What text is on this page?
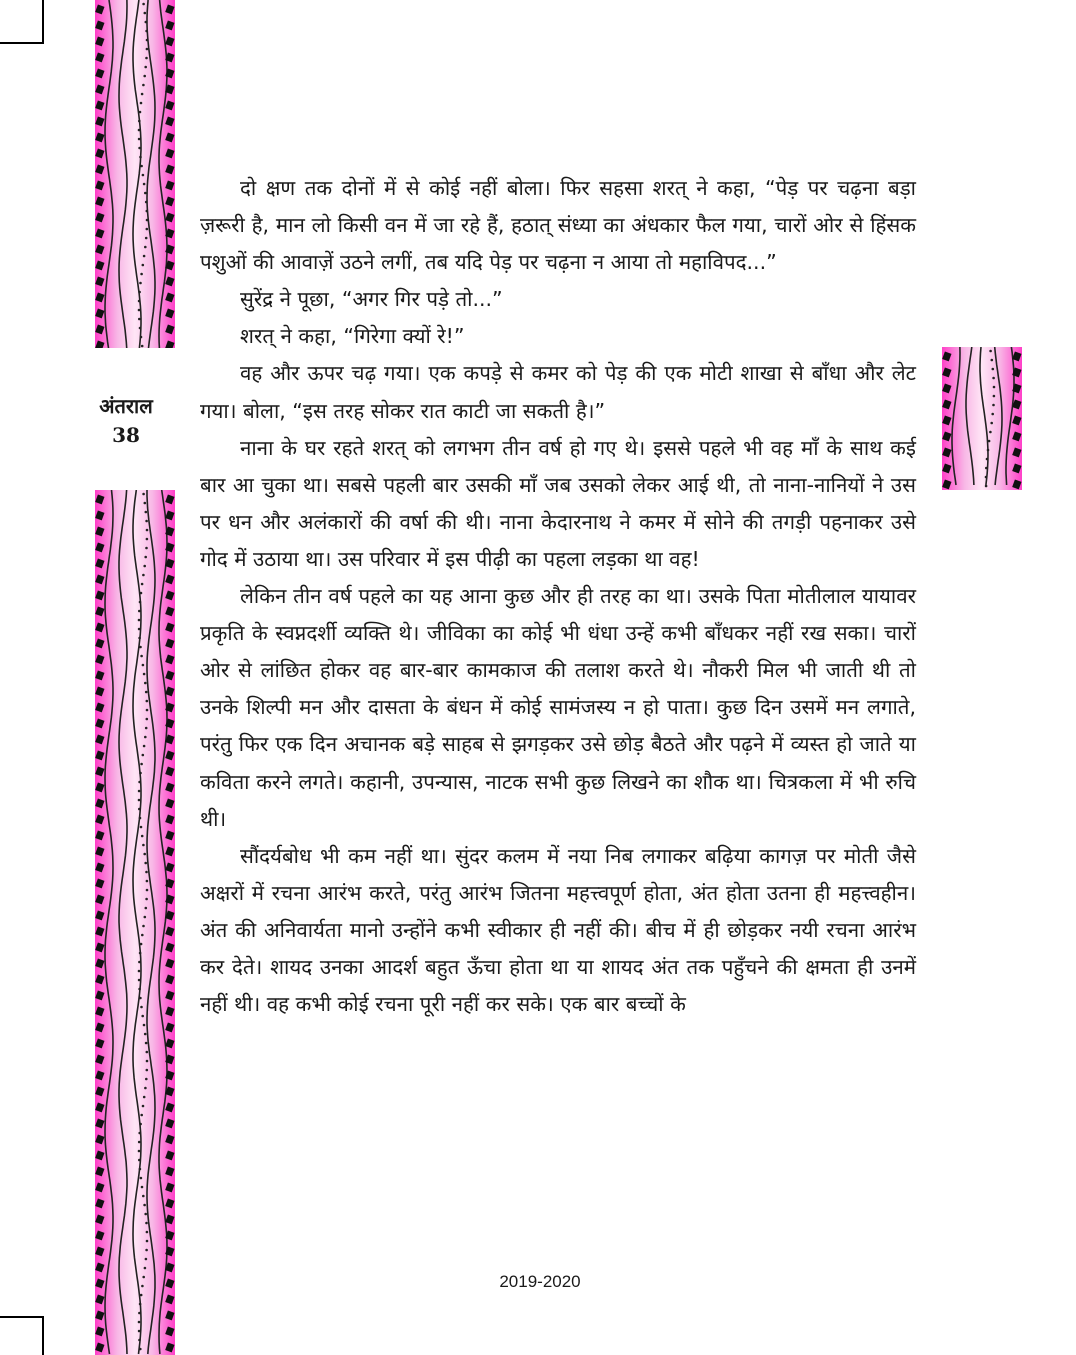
अंतराल
38

दो क्षण तक दोनों में से कोई नहीं बोला। फिर सहसा शरत् ने कहा, “पेड़ पर चढ़ना बड़ा ज़रूरी है, मान लो किसी वन में जा रहे हैं, हठात् संध्या का अंधकार फैल गया, चारों ओर से हिंसक पशुओं की आवाज़ें उठने लगीं, तब यदि पेड़ पर चढ़ना न आया तो महाविपद...”

सुरेंद्र ने पूछा, “अगर गिर पड़े तो...”

शरत् ने कहा, “गिरेगा क्यों रे!”

वह और ऊपर चढ़ गया। एक कपड़े से कमर को पेड़ की एक मोटी शाखा से बाँधा और लेट गया। बोला, “इस तरह सोकर रात काटी जा सकती है।”

नाना के घर रहते शरत् को लगभग तीन वर्ष हो गए थे। इससे पहले भी वह माँ के साथ कई बार आ चुका था। सबसे पहली बार उसकी माँ जब उसको लेकर आई थी, तो नाना-नानियों ने उस पर धन और अलंकारों की वर्षा की थी। नाना केदारनाथ ने कमर में सोने की तगड़ी पहनाकर उसे गोद में उठाया था। उस परिवार में इस पीढ़ी का पहला लड़का था वह!

लेकिन तीन वर्ष पहले का यह आना कुछ और ही तरह का था। उसके पिता मोतीलाल यायावर प्रकृति के स्वप्नदर्शी व्यक्ति थे। जीविका का कोई भी धंधा उन्हें कभी बाँधकर नहीं रख सका। चारों ओर से लांछित होकर वह बार-बार कामकाज की तलाश करते थे। नौकरी मिल भी जाती थी तो उनके शिल्पी मन और दासता के बंधन में कोई सामंजस्य न हो पाता। कुछ दिन उसमें मन लगाते, परंतु फिर एक दिन अचानक बड़े साहब से झगड़कर उसे छोड़ बैठते और पढ़ने में व्यस्त हो जाते या कविता करने लगते। कहानी, उपन्यास, नाटक सभी कुछ लिखने का शौक था। चित्रकला में भी रुचि थी।

सौंदर्यबोध भी कम नहीं था। सुंदर कलम में नया निब लगाकर बढ़िया कागज़ पर मोती जैसे अक्षरों में रचना आरंभ करते, परंतु आरंभ जितना महत्त्वपूर्ण होता, अंत होता उतना ही महत्त्वहीन। अंत की अनिवार्यता मानो उन्होंने कभी स्वीकार ही नहीं की। बीच में ही छोड़कर नयी रचना आरंभ कर देते। शायद उनका आदर्श बहुत ऊँचा होता था या शायद अंत तक पहुँचने की क्षमता ही उनमें नहीं थी। वह कभी कोई रचना पूरी नहीं कर सके। एक बार बच्चों के

2019-2020
